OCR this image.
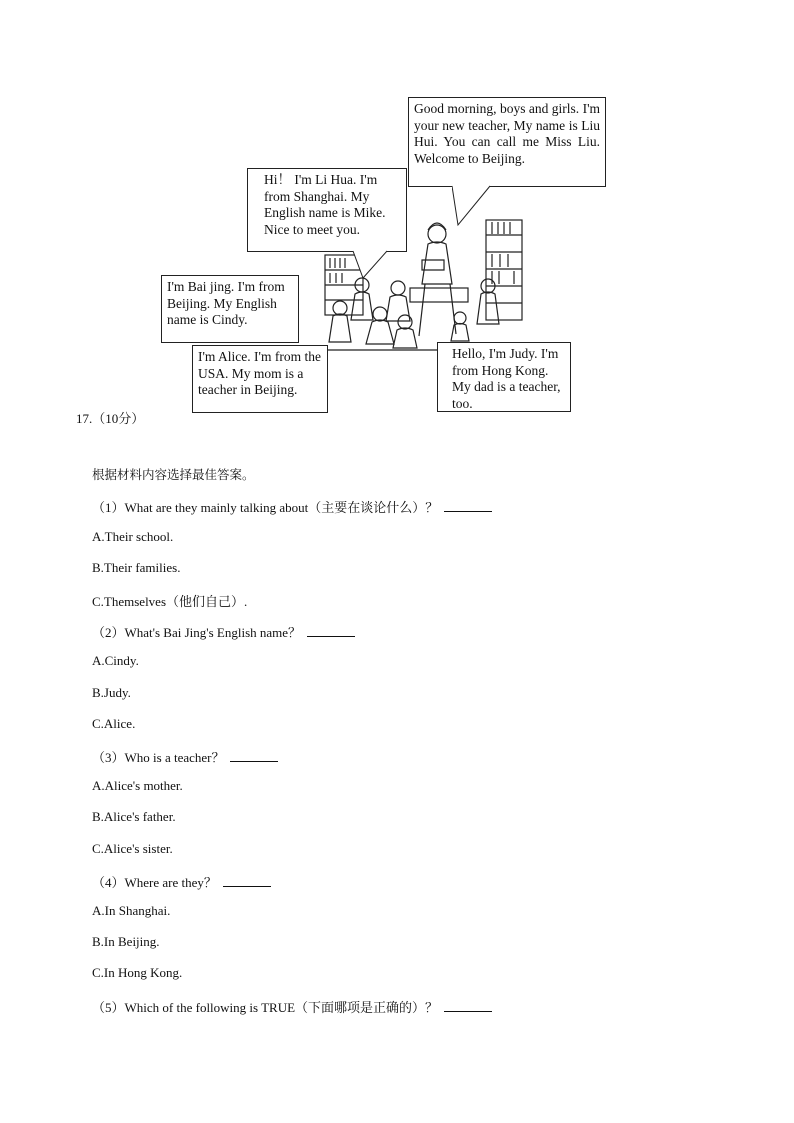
Good morning, boys and girls. I'm your new teacher, My name is Liu Hui. You can call me Miss Liu. Welcome to Beijing.
Hi！ I'm Li Hua. I'm from Shanghai. My English name is Mike. Nice to meet you.
I'm Bai jing. I'm from Beijing. My English name is Cindy.
I'm Alice. I'm from the USA. My mom is a teacher in Beijing.
Hello, I'm Judy. I'm from Hong Kong. My dad is a teacher, too.
17.（10分）
根据材料内容选择最佳答案。
（1）What are they mainly talking about（主要在谈论什么）？
A.Their school.
B.Their families.
C.Themselves（他们自己）.
（2）What's Bai Jing's English name？
A.Cindy.
B.Judy.
C.Alice.
（3）Who is a teacher？
A.Alice's mother.
B.Alice's father.
C.Alice's sister.
（4）Where are they？
A.In Shanghai.
B.In Beijing.
C.In Hong Kong.
（5）Which of the following is TRUE（下面哪项是正确的）？
